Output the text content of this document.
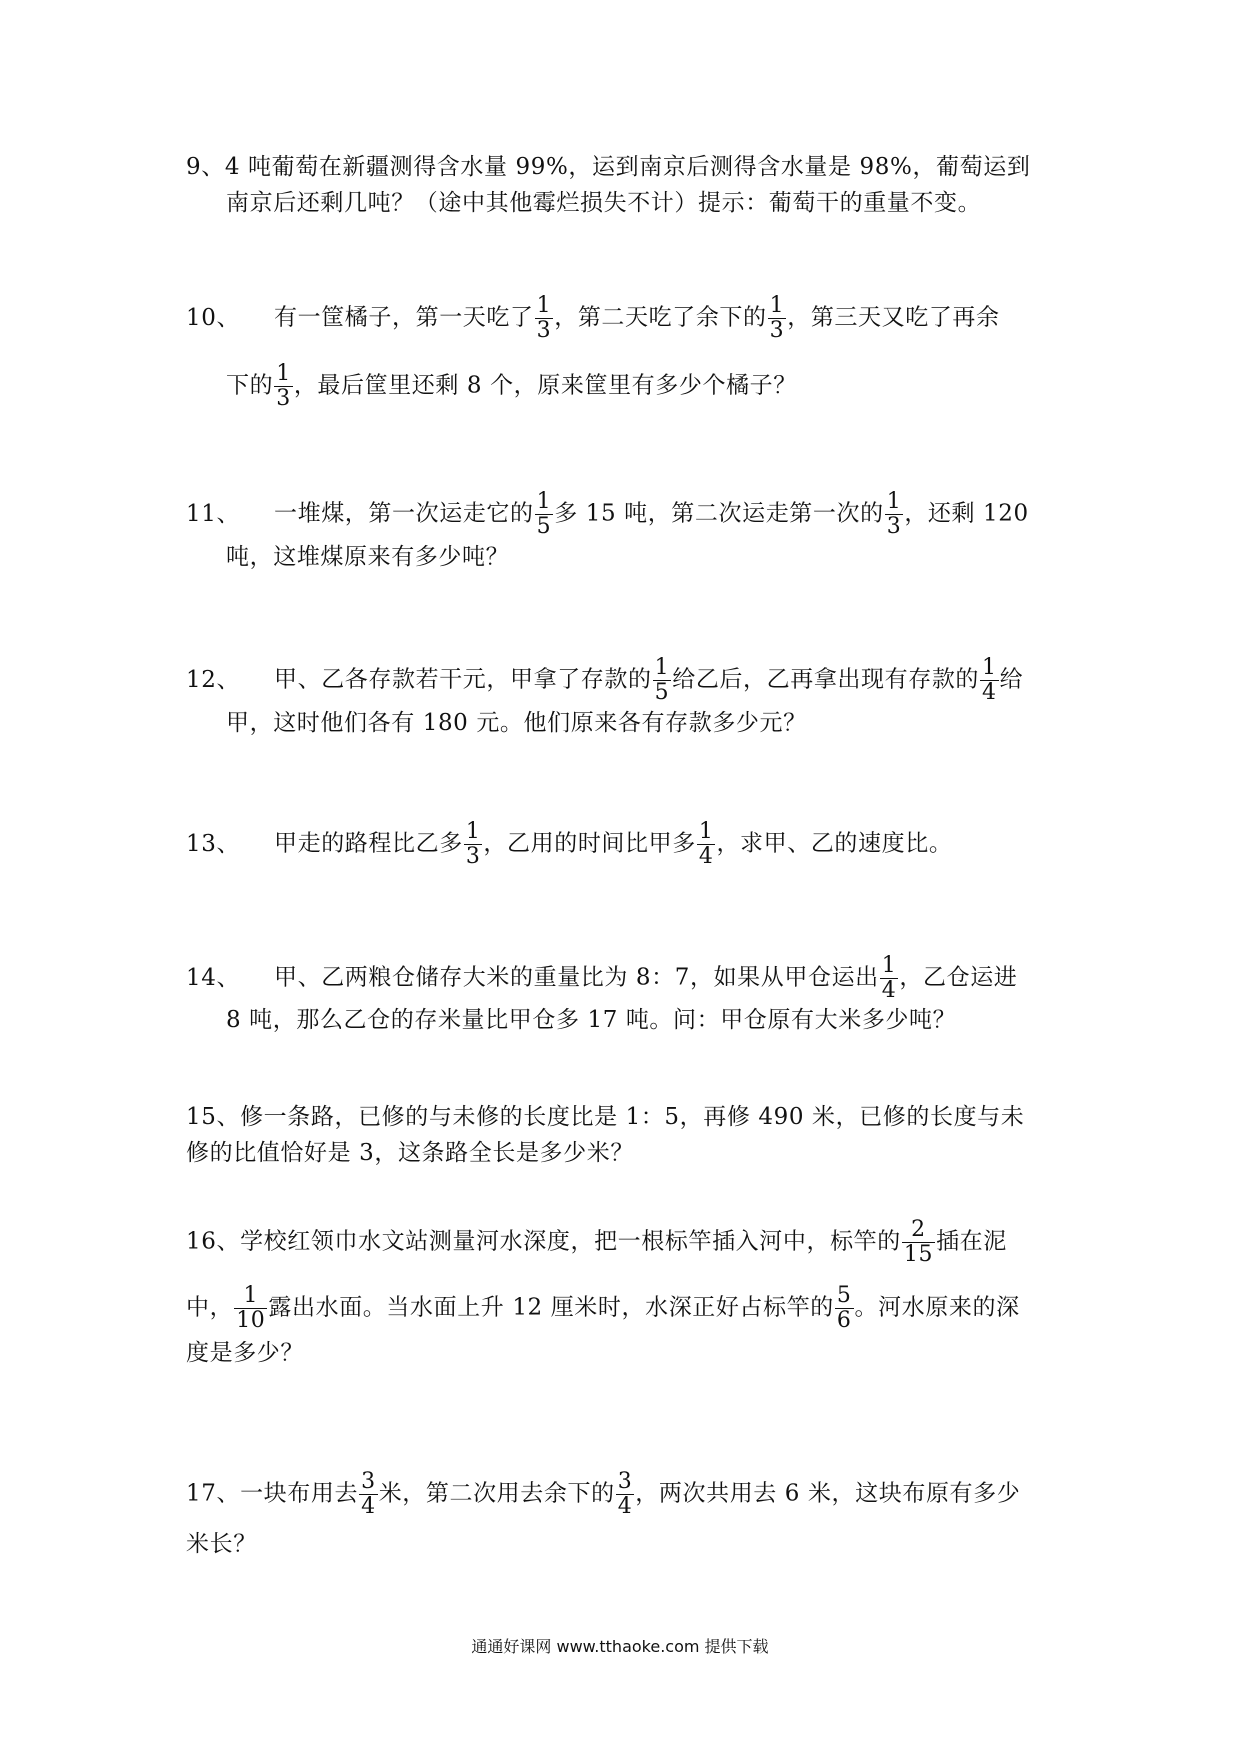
9、4 吨葡萄在新疆测得含水量 99%，运到南京后测得含水量是 98%，葡萄运到
南京后还剩几吨？（途中其他霉烂损失不计）提示：葡萄干的重量不变。
10、 有一筐橘子，第一天吃了 $\frac{1}{3}$ ，第二天吃了余下的 $\frac{1}{3}$ ，第三天又吃了再余
下的 $\frac{1}{3}$ ，最后筐里还剩 8 个，原来筐里有多少个橘子？
11、 一堆煤，第一次运走它的 $\frac{1}{5}$ 多 15 吨，第二次运走第一次的 $\frac{1}{3}$ ，还剩 120
吨，这堆煤原来有多少吨？
12、 甲、乙各存款若干元，甲拿了存款的 $\frac{1}{5}$ 给乙后，乙再拿出现有存款的 $\frac{1}{4}$ 给
甲，这时他们各有 180 元。他们原来各有存款多少元？
13、 甲走的路程比乙多 $\frac{1}{3}$ ，乙用的时间比甲多 $\frac{1}{4}$ ，求甲、乙的速度比。
14、 甲、乙两粮仓储存大米的重量比为 8：7，如果从甲仓运出 $\frac{1}{4}$ ，乙仓运进
8 吨，那么乙仓的存米量比甲仓多 17 吨。问：甲仓原有大米多少吨？
15、修一条路，已修的与未修的长度比是 1：5，再修 490 米，已修的长度与未
修的比值恰好是 3，这条路全长是多少米？
16、学校红领巾水文站测量河水深度，把一根标竿插入河中，标竿的 $\frac{2}{15}$ 插在泥
中， $\frac{1}{10}$ 露出水面。当水面上升 12 厘米时，水深正好占标竿的 $\frac{5}{6}$ 。河水原来的深
度是多少？
17、一块布用去 $\frac{3}{4}$ 米，第二次用去余下的 $\frac{3}{4}$ ，两次共用去 6 米，这块布原有多少
米长？
通通好课网 www.tthaoke.com 提供下载
